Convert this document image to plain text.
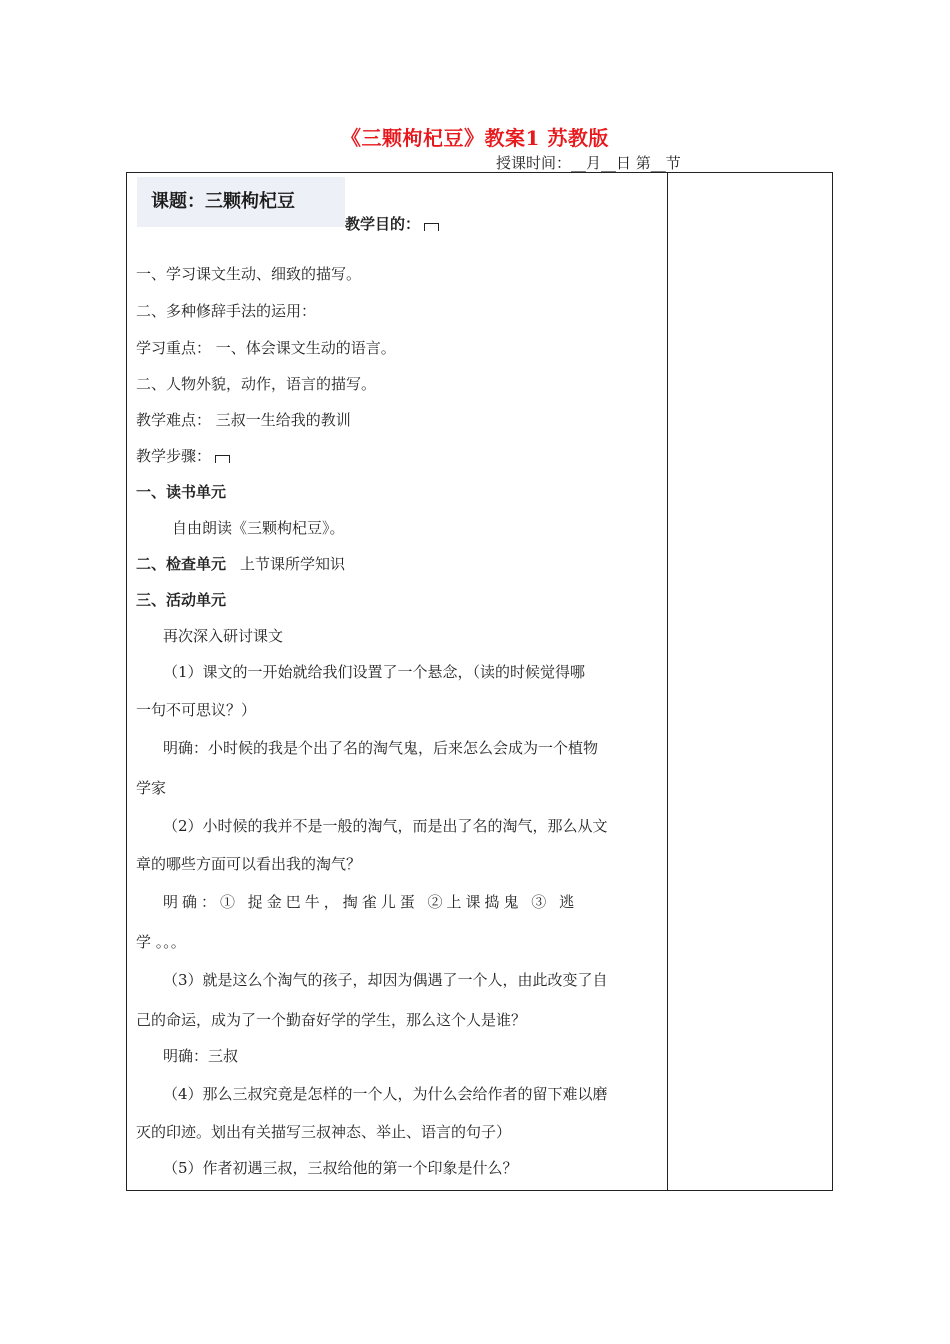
《三颗枸杞豆》教案1 苏教版
授课时间：__月__日 第__节
课题：三颗枸杞豆
教学目的：
一、学习课文生动、细致的描写。
二、多种修辞手法的运用：
学习重点： 一、体会课文生动的语言。
二、人物外貌，动作，语言的描写。
教学难点： 三叔一生给我的教训
教学步骤：
一、读书单元
自由朗读《三颗枸杞豆》。
二、检查单元 上节课所学知识
三、活动单元
再次深入研讨课文
（1）课文的一开始就给我们设置了一个悬念，（读的时候觉得哪
一句不可思议？）
明确：小时候的我是个出了名的淘气鬼，后来怎么会成为一个植物
学家
（2）小时候的我并不是一般的淘气，而是出了名的淘气，那么从文
章的哪些方面可以看出我的淘气？
明确：① 捉金巴牛，掏雀儿蛋 ②上课捣鬼 ③ 逃
学 。。。
（3）就是这么个淘气的孩子，却因为偶遇了一个人，由此改变了自
己的命运，成为了一个勤奋好学的学生，那么这个人是谁？
明确：三叔
（4）那么三叔究竟是怎样的一个人，为什么会给作者的留下难以磨
灭的印迹。划出有关描写三叔神态、举止、语言的句子）
（5）作者初遇三叔，三叔给他的第一个印象是什么？
